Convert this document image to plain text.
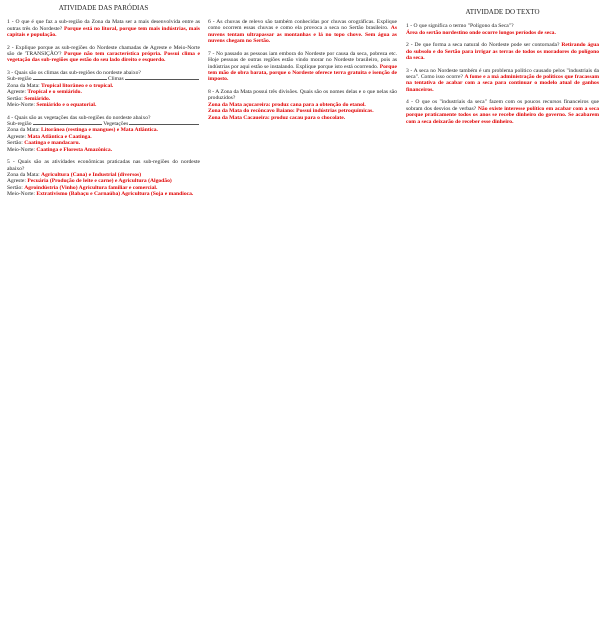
ATIVIDADE DAS PARÓDIAS

1 - O que é que faz a sub-região da Zona da Mata ser a mais desenvolvida entre as outras três do Nordeste? Porque está no litoral, porque tem mais indústrias, mais capitais e população.

2 - Explique porque as sub-regiões do Nordeste chamadas de Agreste e Meio-Norte são de 'TRANSIÇÃO'? Porque não tem característica própria. Possui clima e vegetação das sub-regiões que estão do seu lado direito e esquerdo.

3 - Quais são os climas das sub-regiões do nordeste abaixo?

Sub-região	Climas
Zona da Mata: Tropical litorâneo e o tropical.
Agreste: Tropical e o semiárido.
Sertão: Semiárido.
Meio-Norte: Semiárido e o equatorial.

4 - Quais são as vegetações das sub-regiões do nordeste abaixo?

Sub-região	Vegetações
Zona da Mata: Litorânea (restinga e mangues) e Mata Atlântica.
Agreste: Mata Atlântica e Caatinga.
Sertão: Caatinga e mandacaru.
Meio-Norte: Caatinga e Floresta Amazônica.

5 - Quais são as atividades econômicas praticadas nas sub-regiões do nordeste abaixo?

Zona da Mata: Agricultura (Cana) e Industrial (diversos)
Agreste: Pecuária (Produção de leite e carne) e Agricultura (Algodão)
Sertão: Agroindústria (Vinho) Agricultura familiar e comercial.
Meio-Norte: Extrativismo (Babaçu e Carnaúba) Agricultura (Soja e mandioca.

6 - As chuvas de relevo são também conhecidas por chuvas orográficas. Explique como ocorrem essas chuvas e como ela provoca a seca no Sertão brasileiro. As nuvens tentam ultrapassar as montanhas e lá no topo chove. Sem água as nuvens chegam no Sertão.

7 - No passado as pessoas iam embora do Nordeste por causa da seca, pobreza etc. Hoje pessoas de outras regiões estão vindo morar no Nordeste brasileiro, pois as indústrias por aqui estão se instalando. Explique porque isto está ocorrendo. Porque tem mão de obra barata, porque o Nordeste oferece terra gratuita e isenção de imposto.

8 - A Zona da Mata possui três divisões. Quais são os nomes delas e o que nelas são produzidos?

Zona da Mata açucareira: produz cana para a obtenção do etanol.

Zona da Mata do recôncavo Baiano: Possui indústrias petroquímicas.

Zona da Mata Cacaueira: produz cacau para o chocolate.

ATIVIDADE DO TEXTO

1 - O que significa o termo "Polígono da Seca"?
Área do sertão nordestino onde ocorre longos períodos de seca.

2 - De que forma a seca natural do Nordeste pode ser contornada? Retirando água do subsolo e do Sertão para irrigar as terras de todos os moradores do polígono da seca.

3 - A seca no Nordeste também é um problema político causado pelos "industriais da seca". Como isso ocorre? A fome e a má administração de políticos que fracassam na tentativa de acabar com a seca para continuar o modelo atual de ganhos financeiros.

4 - O que os "industriais da seca" fazem com os poucos recursos financeiros que sobram dos desvios de verbas? Não existe interesse político em acabar com a seca porque praticamente todos os anos se recebe dinheiro do governo. Se acabarem com a seca deixarão de receber esse dinheiro.
